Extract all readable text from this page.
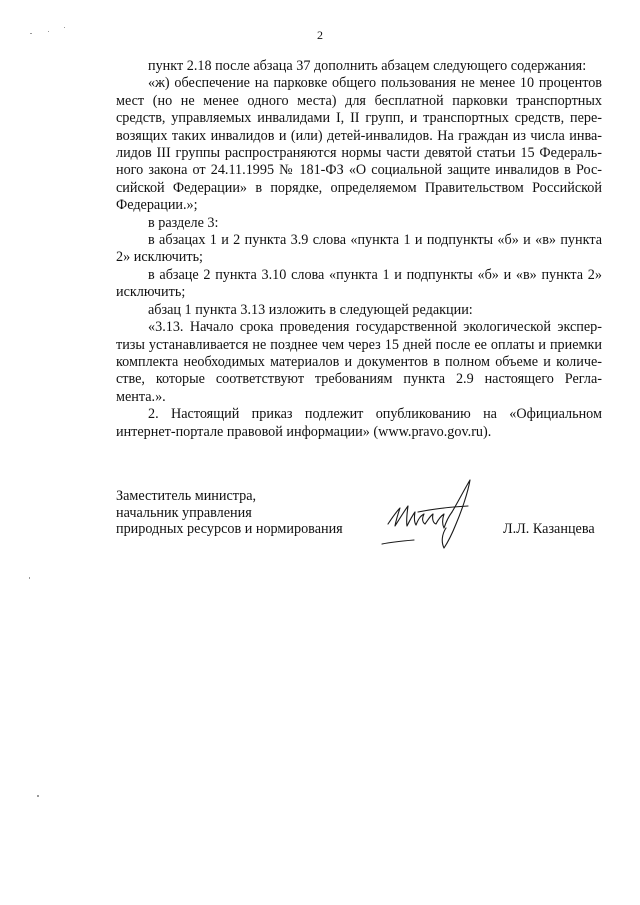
2
пункт 2.18 после абзаца 37 дополнить абзацем следующего содержания:
«ж) обеспечение на парковке общего пользования не менее 10 процентов
мест (но не менее одного места) для бесплатной парковки транспортных
средств, управляемых инвалидами I, II групп, и транспортных средств, пере-
возящих таких инвалидов и (или) детей-инвалидов. На граждан из числа инва-
лидов III группы распространяются нормы части девятой статьи 15 Федераль-
ного закона от 24.11.1995 № 181-ФЗ «О социальной защите инвалидов в Рос-
сийской Федерации» в порядке, определяемом Правительством Российской
Федерации.»;
в разделе 3:
в абзацах 1 и 2 пункта 3.9 слова «пункта 1 и подпункты «б» и «в» пункта
2» исключить;
в абзаце 2 пункта 3.10 слова «пункта 1 и подпункты «б» и «в» пункта 2»
исключить;
абзац 1 пункта 3.13 изложить в следующей редакции:
«3.13. Начало срока проведения государственной экологической экспер-
тизы устанавливается не позднее чем через 15 дней после ее оплаты и приемки
комплекта необходимых материалов и документов в полном объеме и количе-
стве, которые соответствуют требованиям пункта 2.9 настоящего Регла-
мента.».
2. Настоящий приказ подлежит опубликованию на «Официальном
интернет-портале правовой информации» (www.pravo.gov.ru).
Заместитель министра,
начальник управления
природных ресурсов и нормирования	Л.Л. Казанцева
